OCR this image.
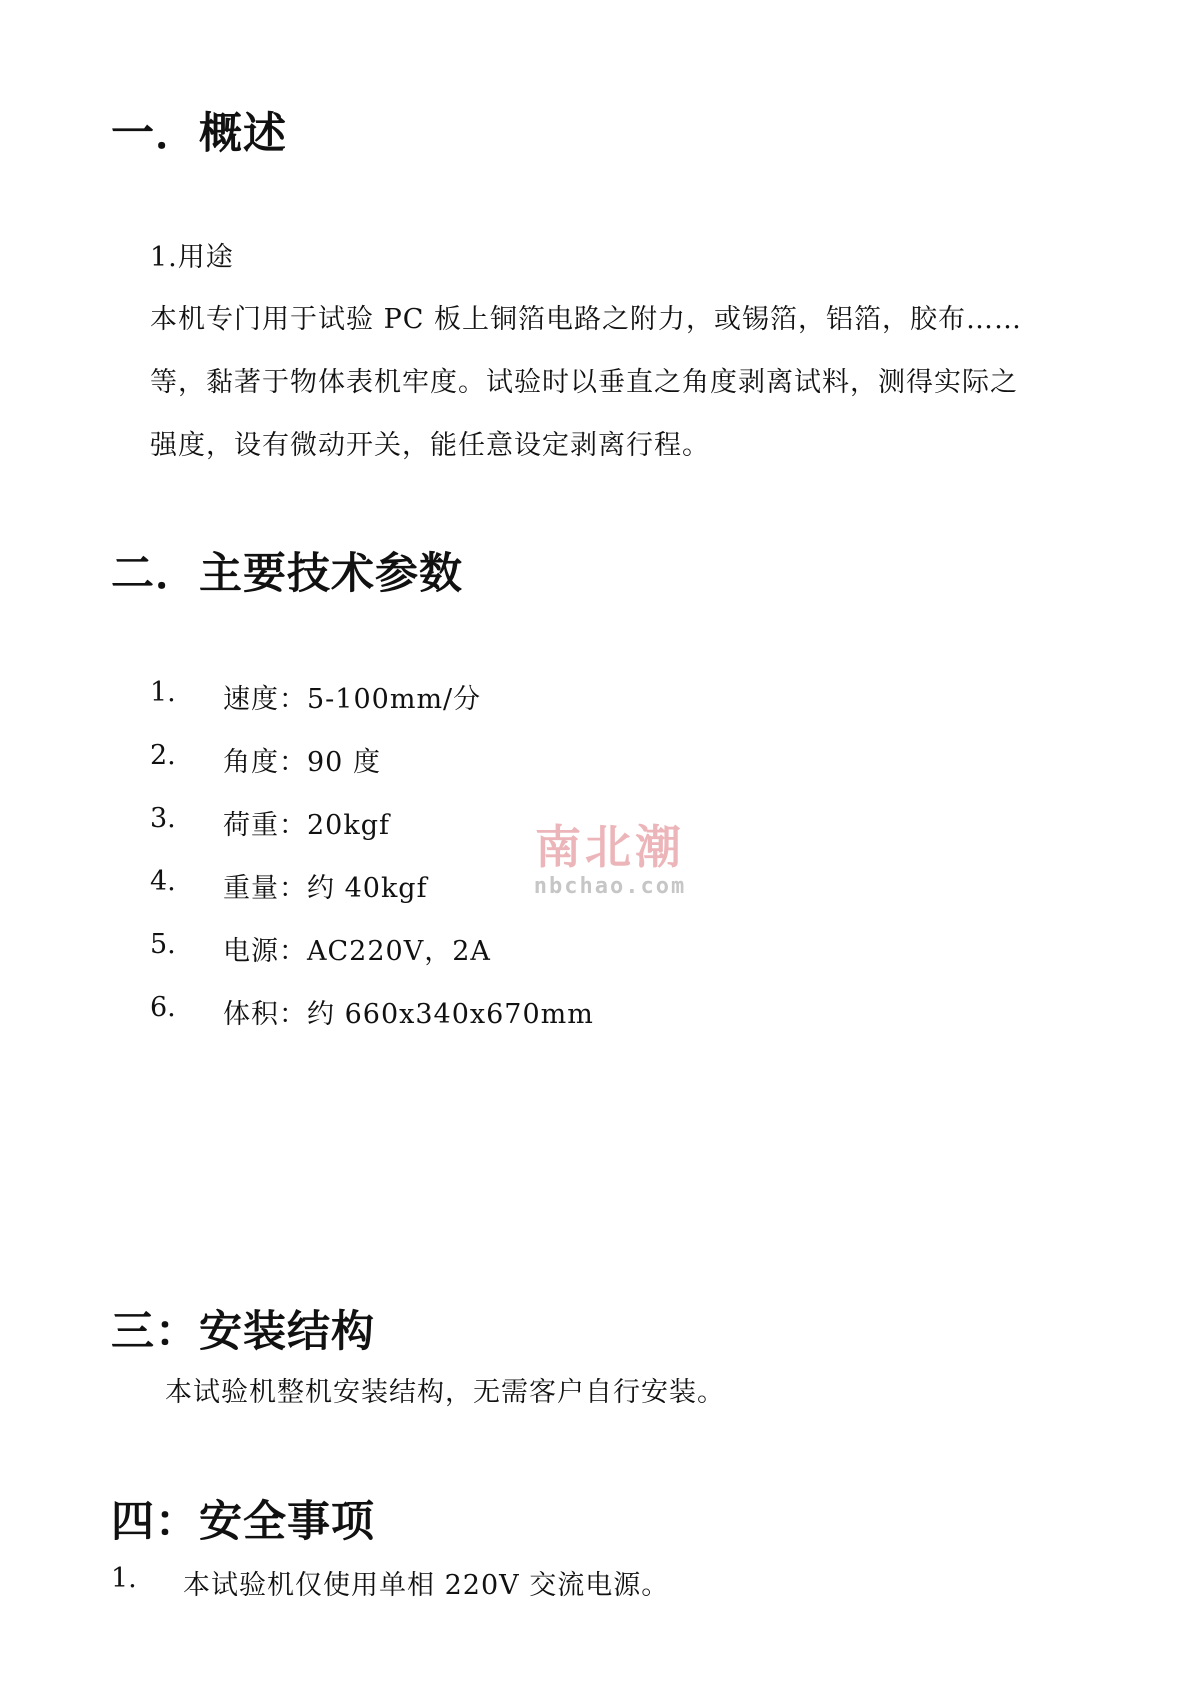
一．概述
1.用途
本机专门用于试验 PC 板上铜箔电路之附力，或锡箔，铝箔，胶布……
等，黏著于物体表机牢度。试验时以垂直之角度剥离试料，测得实际之
强度，设有微动开关，能任意设定剥离行程。
二．主要技术参数
1. 速度：5-100mm/分
2. 角度：90 度
3. 荷重：20kgf
4. 重量：约 40kgf
5. 电源：AC220V，2A
6. 体积：约 660x340x670mm
三：安装结构
本试验机整机安装结构，无需客户自行安装。
四：安全事项
1. 本试验机仅使用单相 220V 交流电源。
南北潮
nbchao.com
